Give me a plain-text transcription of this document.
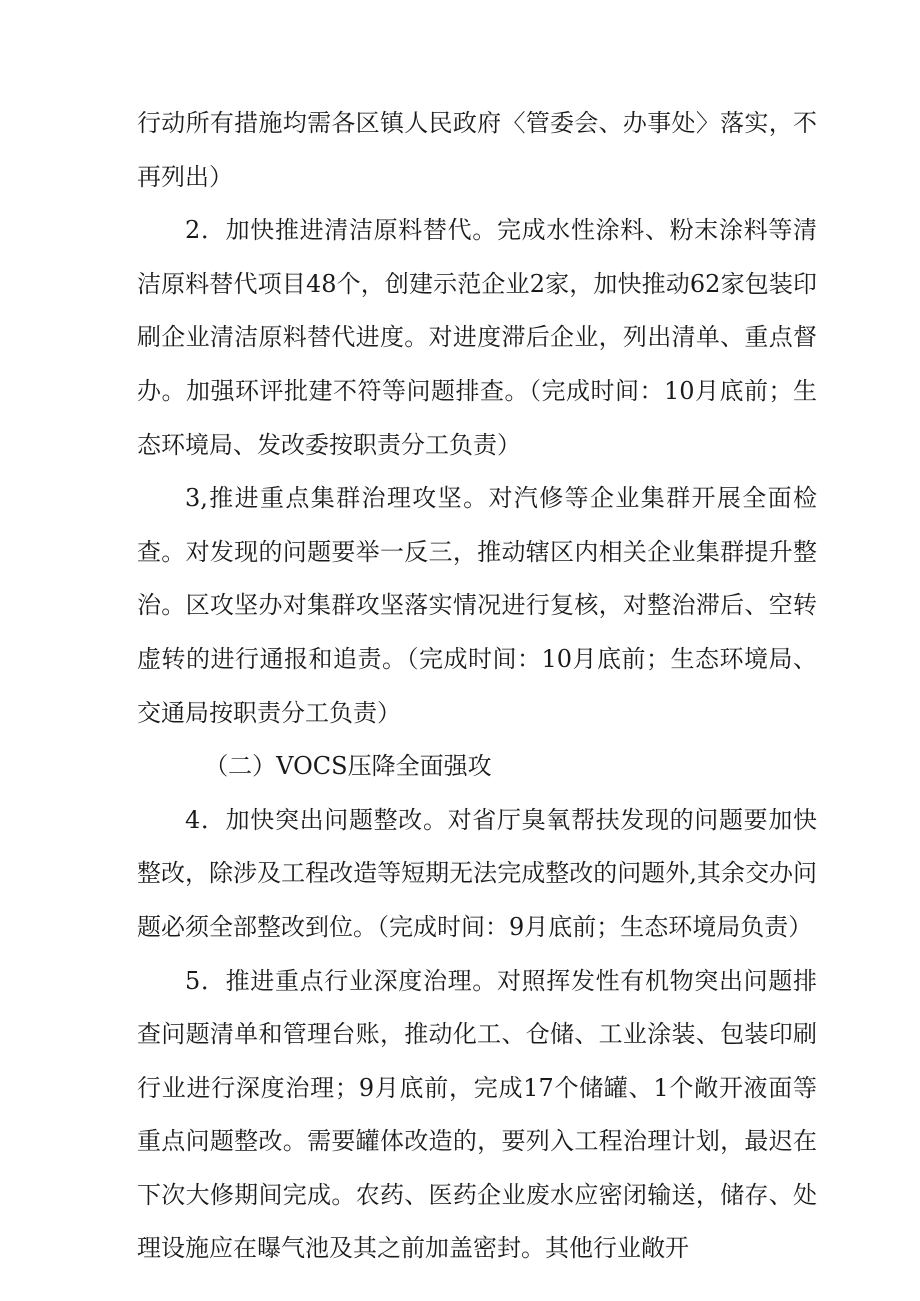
行动所有措施均需各区镇人民政府〈管委会、办事处〉落实，不再列出）

2．加快推进清洁原料替代。完成水性涂料、粉末涂料等清洁原料替代项目48个，创建示范企业2家，加快推动62家包装印刷企业清洁原料替代进度。对进度滞后企业，列出清单、重点督办。加强环评批建不符等问题排查。（完成时间：10月底前；生态环境局、发改委按职责分工负责）

3,推进重点集群治理攻坚。对汽修等企业集群开展全面检查。对发现的问题要举一反三，推动辖区内相关企业集群提升整治。区攻坚办对集群攻坚落实情况进行复核，对整治滞后、空转虚转的进行通报和追责。（完成时间：10月底前；生态环境局、交通局按职责分工负责）

（二）VOCS压降全面强攻

4．加快突出问题整改。对省厅臭氧帮扶发现的问题要加快整改，除涉及工程改造等短期无法完成整改的问题外,其余交办问题必须全部整改到位。（完成时间：9月底前；生态环境局负责）

5．推进重点行业深度治理。对照挥发性有机物突出问题排查问题清单和管理台账，推动化工、仓储、工业涂装、包装印刷行业进行深度治理；9月底前，完成17个储罐、1个敞开液面等重点问题整改。需要罐体改造的，要列入工程治理计划，最迟在下次大修期间完成。农药、医药企业废水应密闭输送，储存、处理设施应在曝气池及其之前加盖密封。其他行业敞开
